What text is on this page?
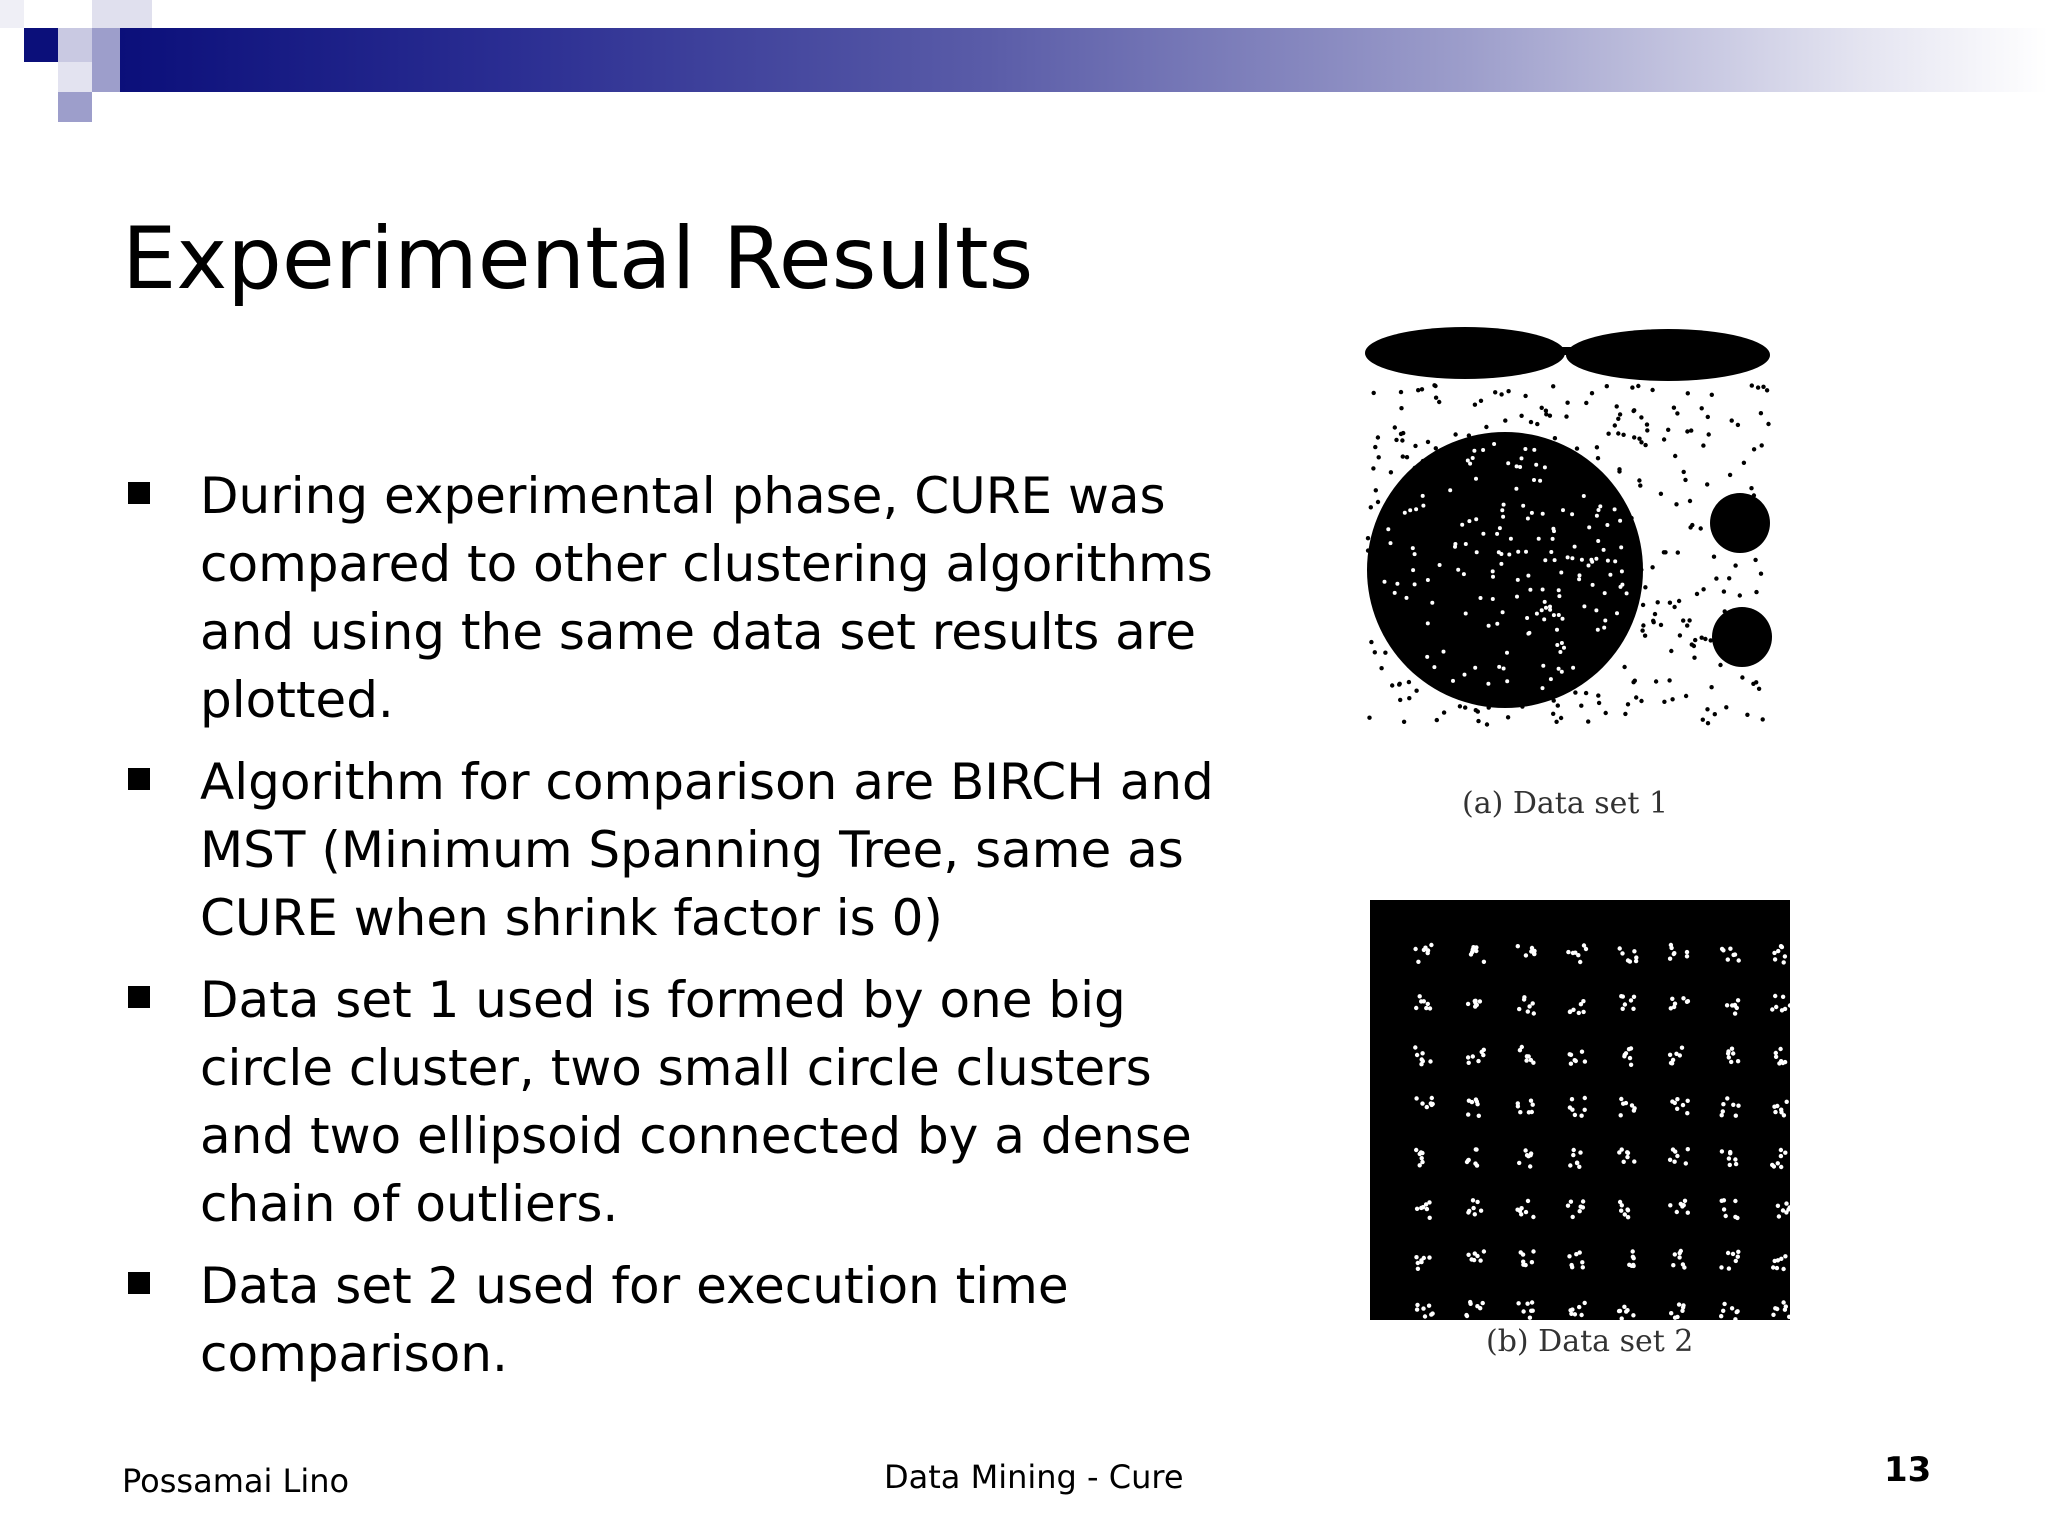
Experimental Results
During experimental phase, CURE was compared to other clustering algorithms and using the same data set results are plotted.
Algorithm for comparison are BIRCH and MST (Minimum Spanning Tree, same as CURE when shrink factor is 0)
Data set 1 used is formed by one big circle cluster, two small circle clusters and two ellipsoid connected by a dense chain of outliers.
Data set 2 used for execution time comparison.
(a) Data set 1
(b) Data set 2
Possamai Lino	Data Mining - Cure	13
